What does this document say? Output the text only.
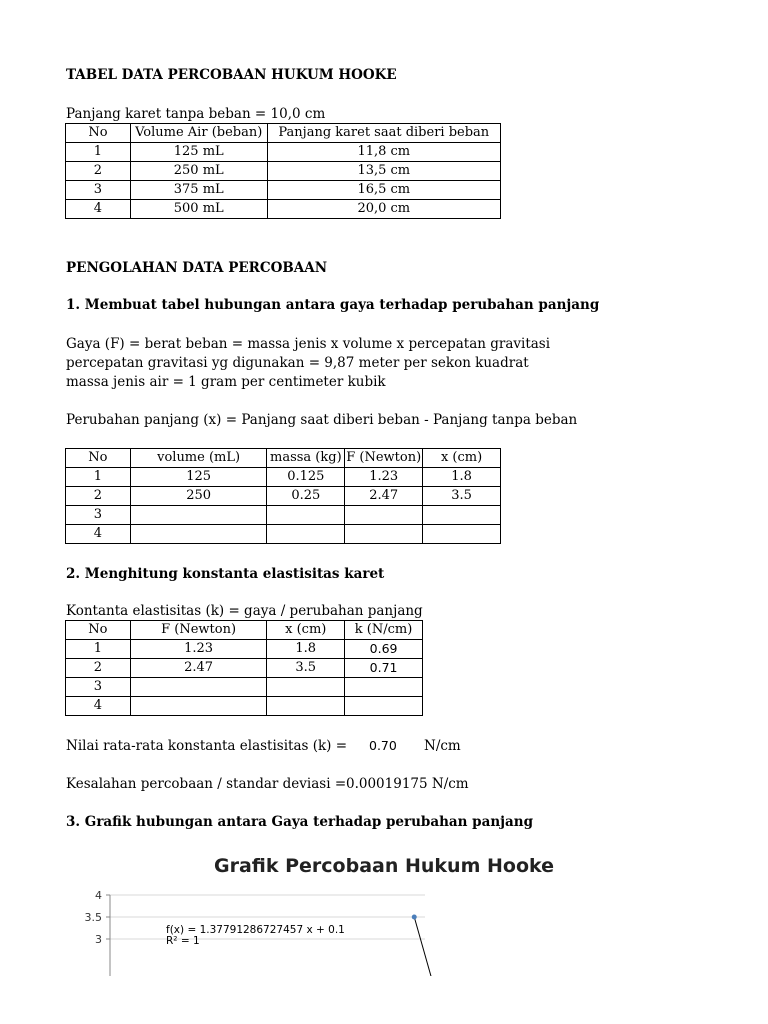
TABEL DATA PERCOBAAN HUKUM HOOKE
Panjang karet tanpa beban = 10,0 cm
No	Volume Air (beban)	Panjang karet saat diberi beban
1	125 mL	11,8 cm
2	250 mL	13,5 cm
3	375 mL	16,5 cm
4	500 mL	20,0 cm
PENGOLAHAN DATA PERCOBAAN
1. Membuat tabel hubungan antara gaya terhadap perubahan panjang
Gaya (F) = berat beban = massa jenis x volume x percepatan gravitasi
percepatan gravitasi yg digunakan = 9,87 meter per sekon kuadrat
massa jenis air = 1 gram per centimeter kubik
Perubahan panjang (x) = Panjang saat diberi beban - Panjang tanpa beban
No	volume (mL)	massa (kg)	F (Newton)	x (cm)
1	125	0.125	1.23	1.8
2	250	0.25	2.47	3.5
3				
4				
2. Menghitung konstanta elastisitas karet
Kontanta elastisitas (k) = gaya / perubahan panjang
No	F (Newton)	x (cm)	k (N/cm)
1	1.23	1.8	0.69
2	2.47	3.5	0.71
3			
4			
Nilai rata-rata konstanta elastisitas (k) = 0.70 N/cm
Kesalahan percobaan / standar deviasi = 0.00019175 N/cm
3. Grafik hubungan antara Gaya terhadap perubahan panjang
Grafik Percobaan Hukum Hooke
4
3.5
3
f(x) = 1.37791286727457 x + 0.1
R² = 1
